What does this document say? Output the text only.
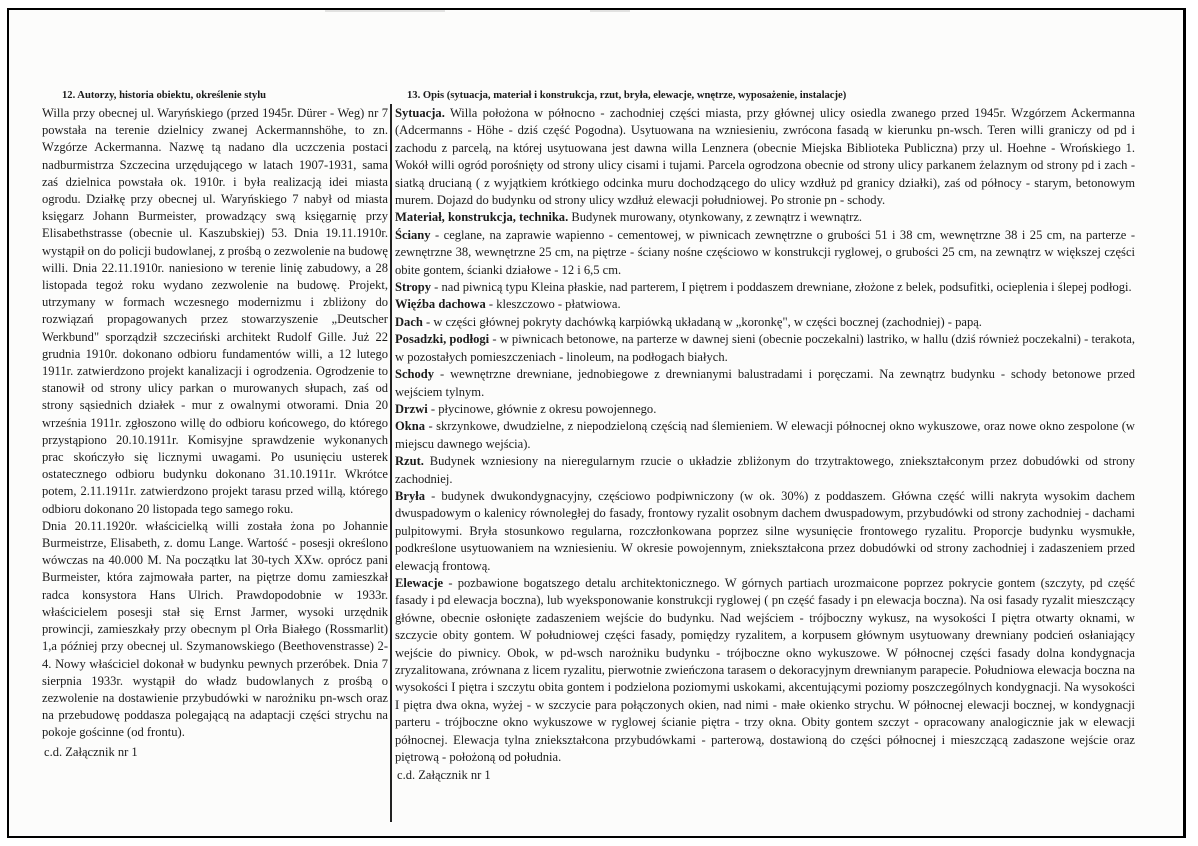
12. Autorzy, historia obiektu, określenie stylu

Willa przy obecnej ul. Waryńskiego (przed 1945r. Dürer - Weg) nr 7 powstała na terenie dzielnicy zwanej Ackermannshöhe, to zn. Wzgórze Ackermanna. Nazwę tą nadano dla uczczenia postaci nadburmistrza Szczecina urzędującego w latach 1907-1931, sama zaś dzielnica powstała ok. 1910r. i była realizacją idei miasta ogrodu. Działkę przy obecnej ul. Waryńskiego 7 nabył od miasta księgarz Johann Burmeister, prowadzący swą księgarnię przy Elisabethstrasse (obecnie ul. Kaszubskiej) 53. Dnia 19.11.1910r. wystąpił on do policji budowlanej, z prośbą o zezwolenie na budowę willi. Dnia 22.11.1910r. naniesiono w terenie linię zabudowy, a 28 listopada tegoż roku wydano zezwolenie na budowę. Projekt, utrzymany w formach wczesnego modernizmu i zbliżony do rozwiązań propagowanych przez stowarzyszenie „Deutscher Werkbund" sporządził szczeciński architekt Rudolf Gille. Już 22 grudnia 1910r. dokonano odbioru fundamentów willi, a 12 lutego 1911r. zatwierdzono projekt kanalizacji i ogrodzenia. Ogrodzenie to stanowił od strony ulicy parkan o murowanych słupach, zaś od strony sąsiednich działek - mur z owalnymi otworami. Dnia 20 września 1911r. zgłoszono willę do odbioru końcowego, do którego przystąpiono 20.10.1911r. Komisyjne sprawdzenie wykonanych prac skończyło się licznymi uwagami. Po usunięciu usterek ostatecznego odbioru budynku dokonano 31.10.1911r. Wkrótce potem, 2.11.1911r. zatwierdzono projekt tarasu przed willą, którego odbioru dokonano 20 listopada tego samego roku.

Dnia 20.11.1920r. właścicielką willi została żona po Johannie Burmeistrze, Elisabeth, z. domu Lange. Wartość - posesji określono wówczas na 40.000 M. Na początku lat 30-tych XXw. oprócz pani Burmeister, która zajmowała parter, na piętrze domu zamieszkał radca konsystora Hans Ulrich. Prawdopodobnie w 1933r. właścicielem posesji stał się Ernst Jarmer, wysoki urzędnik prowincji, zamieszkały przy obecnym pl Orła Białego (Rossmarlit) 1,a później przy obecnej ul. Szymanowskiego (Beethovenstrasse) 2-4. Nowy właściciel dokonał w budynku pewnych przeróbek. Dnia 7 sierpnia 1933r. wystąpił do władz budowlanych z prośbą o zezwolenie na dostawienie przybudówki w narożniku pn-wsch oraz na przebudowę poddasza polegającą na adaptacji części strychu na pokoje gościnne (od frontu).

c.d. Załącznik nr 1
13. Opis (sytuacja, materiał i konstrukcja, rzut, bryła, elewacje, wnętrze, wyposażenie, instalacje)

Sytuacja. Willa położona w północno - zachodniej części miasta, przy głównej ulicy osiedla zwanego przed 1945r. Wzgórzem Ackermanna (Adcermanns - Höhe - dziś część Pogodna). Usytuowana na wzniesieniu, zwrócona fasadą w kierunku pn-wsch. Teren willi graniczy od pd i zachodu z parcelą, na której usytuowana jest dawna willa Lenznera (obecnie Miejska Biblioteka Publiczna) przy ul. Hoehne - Wrońskiego 1. Wokół willi ogród porośnięty od strony ulicy cisami i tujami. Parcela ogrodzona obecnie od strony ulicy parkanem żelaznym od strony pd i zach - siatką drucianą ( z wyjątkiem krótkiego odcinka muru dochodzącego do ulicy wzdłuż pd granicy działki), zaś od północy - starym, betonowym murem. Dojazd do budynku od strony ulicy wzdłuż elewacji południowej. Po stronie pn - schody.

Materiał, konstrukcja, technika. Budynek murowany, otynkowany, z zewnątrz i wewnątrz.

Ściany - ceglane, na zaprawie wapienno - cementowej, w piwnicach zewnętrzne o grubości 51 i 38 cm, wewnętrzne 38 i 25 cm, na parterze - zewnętrzne 38, wewnętrzne 25 cm, na piętrze - ściany nośne częściowo w konstrukcji ryglowej, o grubości 25 cm, na zewnątrz w większej części obite gontem, ścianki działowe - 12 i 6,5 cm.

Stropy - nad piwnicą typu Kleina płaskie, nad parterem, I piętrem i poddaszem drewniane, złożone z belek, podsufitki, ocieplenia i ślepej podłogi.

Więźba dachowa - kleszczowo - płatwiowa.

Dach - w części głównej pokryty dachówką karpiówką układaną w „koronkę", w części bocznej (zachodniej) - papą.

Posadzki, podłogi - w piwnicach betonowe, na parterze w dawnej sieni (obecnie poczekalni) lastriko, w hallu (dziś również poczekalni) - terakota, w pozostałych pomieszczeniach - linoleum, na podłogach białych.

Schody - wewnętrzne drewniane, jednobiegowe z drewnianymi balustradami i poręczami. Na zewnątrz budynku - schody betonowe przed wejściem tylnym.

Drzwi - płycinowe, głównie z okresu powojennego.

Okna - skrzynkowe, dwudzielne, z niepodzieloną częścią nad ślemieniem. W elewacji północnej okno wykuszowe, oraz nowe okno zespolone (w miejscu dawnego wejścia).

Rzut. Budynek wzniesiony na nieregularnym rzucie o układzie zbliżonym do trzytraktowego, zniekształconym przez dobudówki od strony zachodniej.

Bryła - budynek dwukondygnacyjny, częściowo podpiwniczony (w ok. 30%) z poddaszem. Główna część willi nakryta wysokim dachem dwuspadowym o kalenicy równoległej do fasady, frontowy ryzalit osobnym dachem dwuspadowym, przybudówki od strony zachodniej - dachami pulpitowymi. Bryła stosunkowo regularna, rozczłonkowana poprzez silne wysunięcie frontowego ryzalitu. Proporcje budynku wysmukłe, podkreślone usytuowaniem na wzniesieniu. W okresie powojennym, zniekształcona przez dobudówki od strony zachodniej i zadaszeniem przed elewacją frontową.

Elewacje - pozbawione bogatszego detalu architektonicznego. W górnych partiach urozmaicone poprzez pokrycie gontem (szczyty, pd część fasady i pd elewacja boczna), lub wyeksponowanie konstrukcji ryglowej ( pn część fasady i pn elewacja boczna). Na osi fasady ryzalit mieszczący główne, obecnie osłonięte zadaszeniem wejście do budynku. Nad wejściem - trójboczny wykusz, na wysokości I piętra otwarty oknami, w szczycie obity gontem. W południowej części fasady, pomiędzy ryzalitem, a korpusem głównym usytuowany drewniany podcień osłaniający wejście do piwnicy. Obok, w pd-wsch narożniku budynku - trójboczne okno wykuszowe. W północnej części fasady dolna kondygnacja zryzalitowana, zrównana z licem ryzalitu, pierwotnie zwieńczona tarasem o dekoracyjnym drewnianym parapecie. Południowa elewacja boczna na wysokości I piętra i szczytu obita gontem i podzielona poziomymi uskokami, akcentującymi poziomy poszczególnych kondygnacji. Na wysokości I piętra dwa okna, wyżej - w szczycie para połączonych okien, nad nimi - małe okienko strychu. W północnej elewacji bocznej, w kondygnacji parteru - trójboczne okno wykuszowe w ryglowej ścianie piętra - trzy okna. Obity gontem szczyt - opracowany analogicznie jak w elewacji północnej. Elewacja tylna zniekształcona przybudówkami - parterową, dostawioną do części północnej i mieszczącą zadaszone wejście oraz piętrową - położoną od południa.

c.d. Załącznik nr 1
